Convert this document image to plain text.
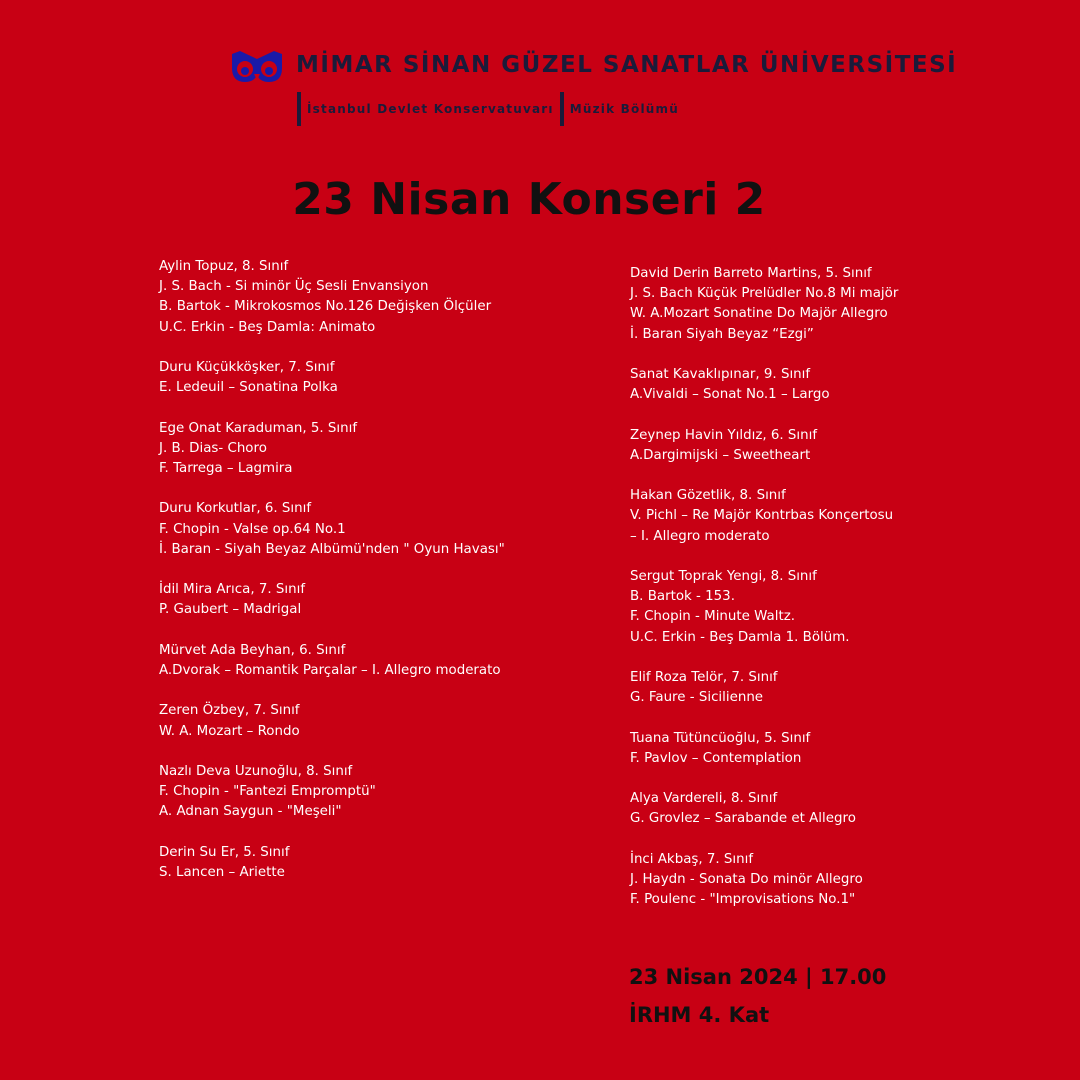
MİMAR SİNAN GÜZEL SANATLAR ÜNİVERSİTESİ
İstanbul Devlet Konservatuvarı	Müzik Bölümü
23 Nisan Konseri 2
Aylin Topuz, 8. Sınıf
J. S. Bach - Si minör Üç Sesli Envansiyon
B. Bartok - Mikrokosmos No.126 Değişken Ölçüler
U.C. Erkin - Beş Damla: Animato
Duru Küçükköşker, 7. Sınıf
E. Ledeuil – Sonatina Polka
Ege Onat Karaduman, 5. Sınıf
J. B. Dias- Choro
F. Tarrega – Lagmira
Duru Korkutlar, 6. Sınıf
F. Chopin - Valse op.64 No.1
İ. Baran - Siyah Beyaz Albümü'nden " Oyun Havası"
İdil Mira Arıca, 7. Sınıf
P. Gaubert – Madrigal
Mürvet Ada Beyhan, 6. Sınıf
A.Dvorak – Romantik Parçalar – I. Allegro moderato
Zeren Özbey, 7. Sınıf
W. A. Mozart – Rondo
Nazlı Deva Uzunoğlu, 8. Sınıf
F. Chopin - "Fantezi Empromptü"
A. Adnan Saygun - "Meşeli"
Derin Su Er, 5. Sınıf
S. Lancen – Ariette
David Derin Barreto Martins, 5. Sınıf
J. S. Bach Küçük Prelüdler No.8 Mi majör
W. A.Mozart Sonatine Do Majör Allegro
İ. Baran Siyah Beyaz “Ezgi”
Sanat Kavaklıpınar, 9. Sınıf
A.Vivaldi – Sonat No.1 – Largo
Zeynep Havin Yıldız, 6. Sınıf
A.Dargimijski – Sweetheart
Hakan Gözetlik, 8. Sınıf
V. Pichl – Re Majör Kontrbas Konçertosu
– I. Allegro moderato
Sergut Toprak Yengi, 8. Sınıf
B. Bartok - 153.
F. Chopin - Minute Waltz.
U.C. Erkin - Beş Damla 1. Bölüm.
Elif Roza Telör, 7. Sınıf
G. Faure - Sicilienne
Tuana Tütüncüoğlu, 5. Sınıf
F. Pavlov – Contemplation
Alya Vardereli, 8. Sınıf
G. Grovlez – Sarabande et Allegro
İnci Akbaş, 7. Sınıf
J. Haydn - Sonata Do minör Allegro
F. Poulenc - "Improvisations No.1"
23 Nisan 2024 | 17.00
İRHM 4. Kat
